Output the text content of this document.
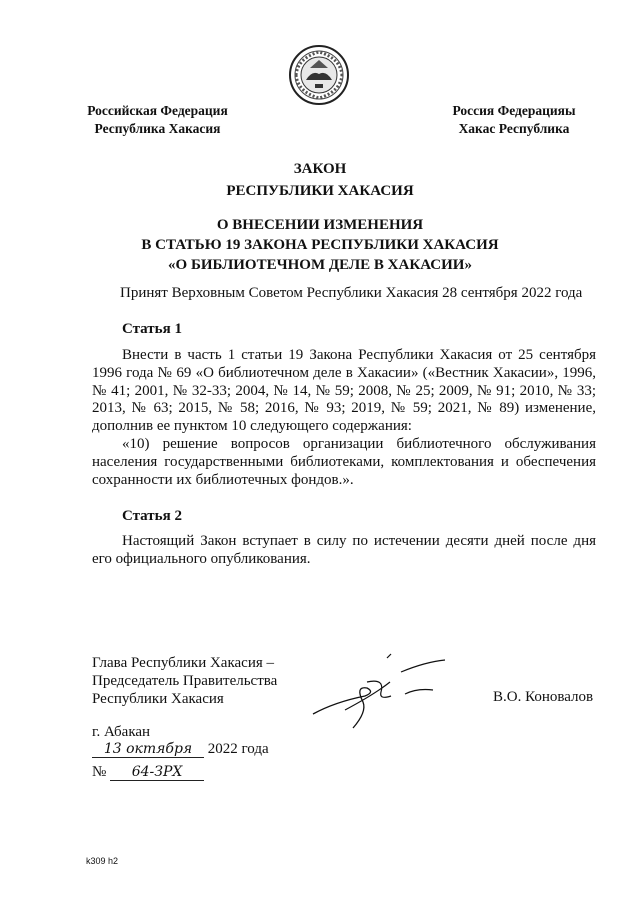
Российская Федерация
Республика Хакасия
Россия Федерацияы
Хакас Республика
ЗАКОН
РЕСПУБЛИКИ ХАКАСИЯ
О ВНЕСЕНИИ ИЗМЕНЕНИЯ
В СТАТЬЮ 19 ЗАКОНА РЕСПУБЛИКИ ХАКАСИЯ
«О БИБЛИОТЕЧНОМ ДЕЛЕ В ХАКАСИИ»
Принят Верховным Советом Республики Хакасия 28 сентября 2022 года
Статья 1

Внести в часть 1 статьи 19 Закона Республики Хакасия от 25 сентября 1996 года № 69 «О библиотечном деле в Хакасии» («Вестник Хакасии», 1996, № 41; 2001, № 32-33; 2004, № 14, № 59; 2008, № 25; 2009, № 91; 2010, № 33; 2013, № 63; 2015, № 58; 2016, № 93; 2019, № 59; 2021, № 89) изменение, дополнив ее пунктом 10 следующего содержания:

«10) решение вопросов организации библиотечного обслуживания населения государственными библиотеками, комплектования и обеспечения сохранности их библиотечных фондов.».

Статья 2

Настоящий Закон вступает в силу по истечении десяти дней после дня его официального опубликования.

Глава Республики Хакасия –
Председатель Правительства
Республики Хакасия	В.О. Коновалов
г. Абакан
13 октября 2022 года
№ 64-ЗРХ
k309 h2
